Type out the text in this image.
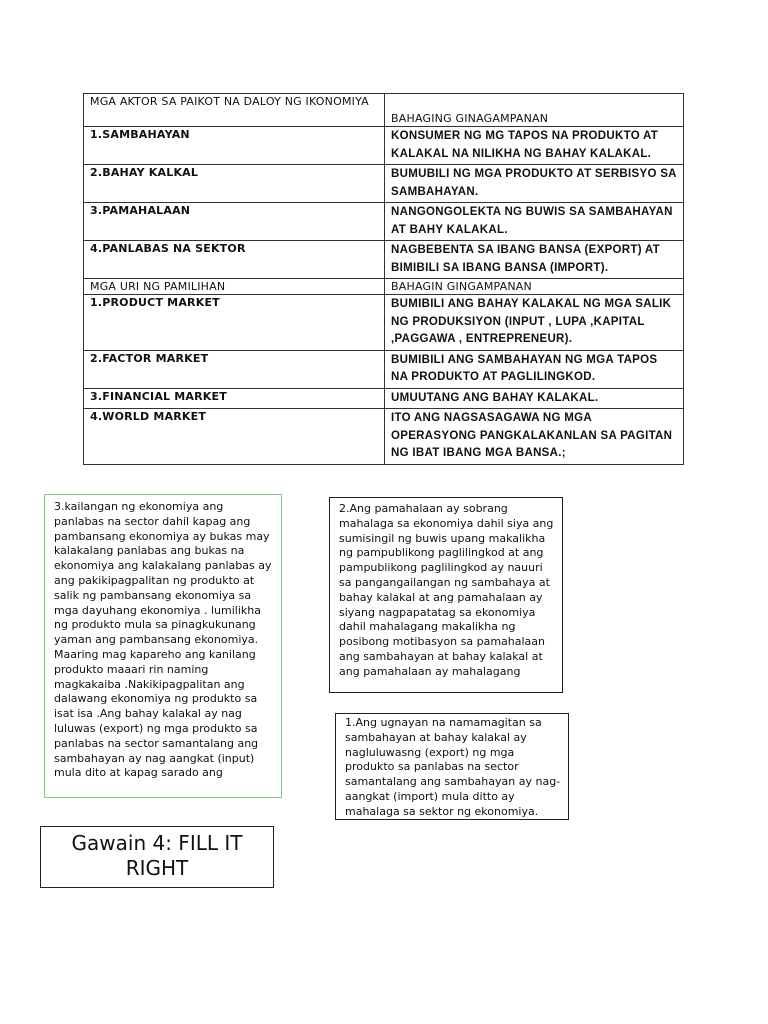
MGA AKTOR SA PAIKOT NA DALOY NG IKONOMIYA	BAHAGING GINAGAMPANAN
1.SAMBAHAYAN	KONSUMER NG MG TAPOS NA PRODUKTO AT KALAKAL NA NILIKHA NG BAHAY KALAKAL.
2.BAHAY KALKAL	BUMUBILI NG MGA PRODUKTO AT SERBISYO SA SAMBAHAYAN.
3.PAMAHALAAN	NANGONGOLEKTA NG BUWIS SA SAMBAHAYAN AT BAHY KALAKAL.
4.PANLABAS NA SEKTOR	NAGBEBENTA SA IBANG BANSA (EXPORT) AT BIMIBILI SA IBANG BANSA (IMPORT).
MGA URI NG PAMILIHAN	BAHAGIN GINGAMPANAN
1.PRODUCT MARKET	BUMIBILI ANG BAHAY KALAKAL NG MGA SALIK NG PRODUKSIYON (INPUT , LUPA ,KAPITAL ,PAGGAWA , ENTREPRENEUR).
2.FACTOR MARKET	BUMIBILI ANG SAMBAHAYAN NG MGA TAPOS NA PRODUKTO AT PAGLILINGKOD.
3.FINANCIAL MARKET	UMUUTANG ANG BAHAY KALAKAL.
4.WORLD MARKET	ITO ANG NAGSASAGAWA NG MGA OPERASYONG PANGKALAKANLAN SA PAGITAN NG IBAT IBANG MGA BANSA.;
3.kailangan ng ekonomiya ang panlabas na sector dahil kapag ang pambansang ekonomiya ay bukas may kalakalang panlabas ang bukas na ekonomiya ang kalakalang panlabas ay ang pakikipagpalitan ng produkto at salik ng pambansang ekonomiya sa mga dayuhang ekonomiya . lumilikha ng produkto mula sa pinagkukunang yaman ang pambansang ekonomiya. Maaring mag kapareho ang kanilang produkto maaari rin naming magkakaiba .Nakikipagpalitan ang dalawang ekonomiya ng produkto sa isat isa .Ang bahay kalakal ay nag luluwas (export) ng mga produkto sa panlabas na sector samantalang ang sambahayan ay nag aangkat (input) mula dito at kapag sarado ang
2.Ang pamahalaan ay sobrang mahalaga sa ekonomiya dahil siya ang sumisingil ng buwis upang makalikha ng pampublikong paglilingkod at ang pampublikong paglilingkod ay nauuri sa pangangailangan ng sambahaya at bahay kalakal at ang pamahalaan ay siyang nagpapatatag sa ekonomiya dahil mahalagang makalikha ng posibong motibasyon sa pamahalaan ang sambahayan at bahay kalakal at ang pamahalaan ay mahalagang
1.Ang ugnayan na namamagitan sa sambahayan at bahay kalakal ay nagluluwasng (export) ng mga produkto sa panlabas na sector samantalang ang sambahayan ay nag-aangkat (import) mula ditto ay mahalaga sa sektor ng ekonomiya.
Gawain 4: FILL IT RIGHT
